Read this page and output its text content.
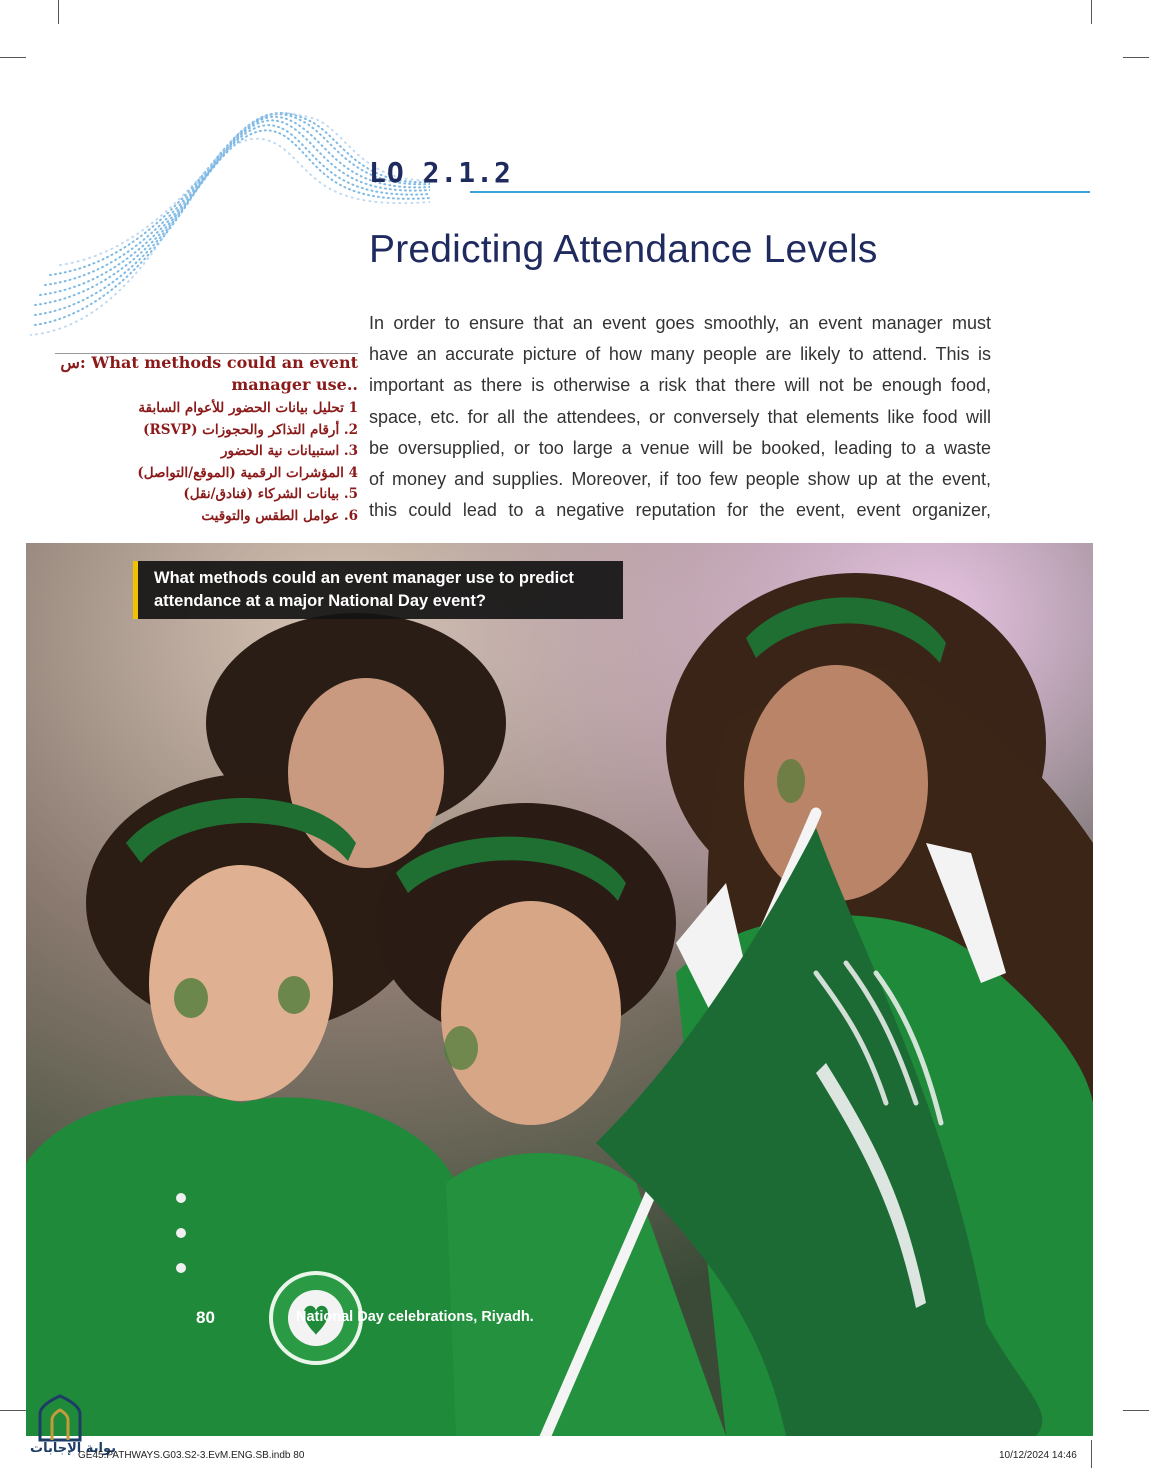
LO 2.1.2
Predicting Attendance Levels
In order to ensure that an event goes smoothly, an event manager must
have an accurate picture of how many people are likely to attend. This is
important as there is otherwise a risk that there will not be enough food,
space, etc. for all the attendees, or conversely that elements like food will
be oversupplied, or too large a venue will be booked, leading to a waste
of money and supplies. Moreover, if too few people show up at the event,
this could lead to a negative reputation for the event, event organizer,
س: What methods could an event manager use..
1 تحليل بيانات الحضور للأعوام السابقة
2. أرقام التذاكر والحجوزات (RSVP)
3. استبيانات نية الحضور
4 المؤشرات الرقمية (الموقع/التواصل)
5. بيانات الشركاء (فنادق/نقل)
6. عوامل الطقس والتوقيت
What methods could an event manager use to predict attendance at a major National Day event?
80	National Day celebrations, Riyadh.
بوابة الإجابات
GE45.PATHWAYS.G03.S2-3.EvM.ENG.SB.indb 80	10/12/2024 14:46
